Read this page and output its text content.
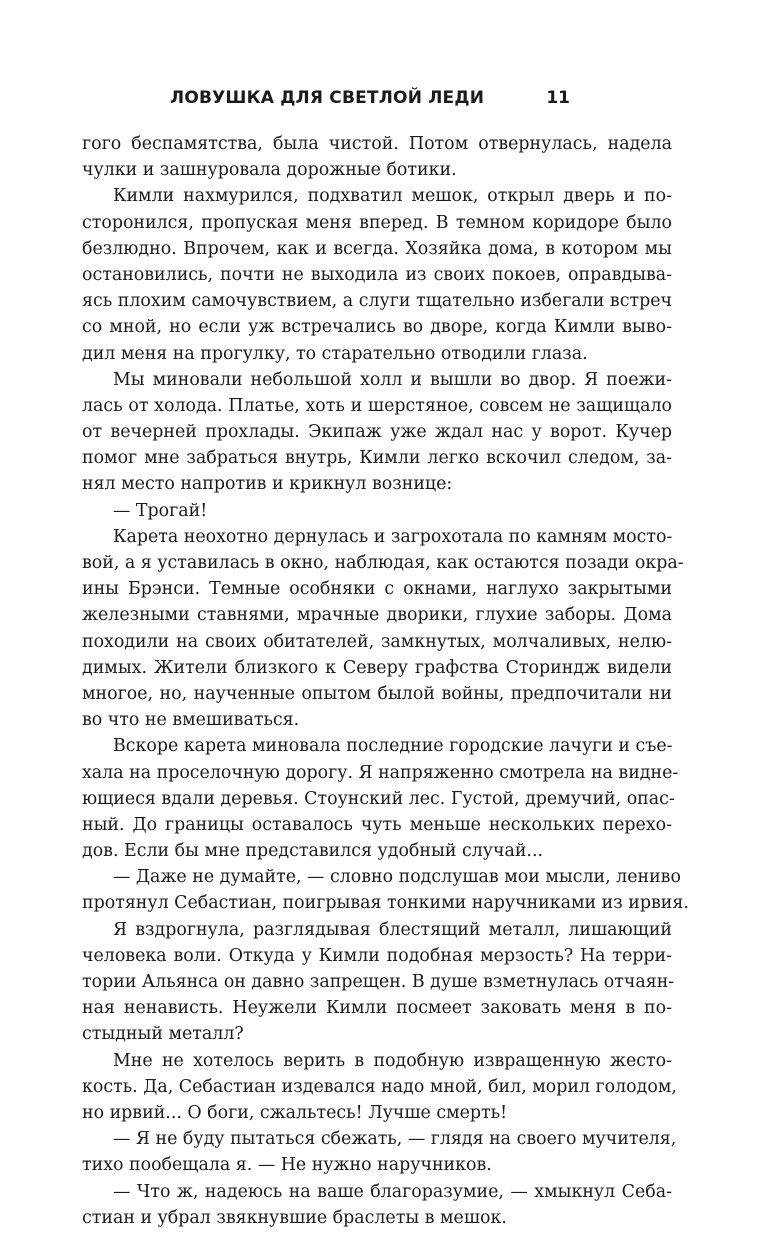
ЛОВУШКА ДЛЯ СВЕТЛОЙ ЛЕДИ	11
гого беспамятства, была чистой. Потом отвернулась, надела
чулки и зашнуровала дорожные ботики.
Кимли нахмурился, подхватил мешок, открыл дверь и по-
сторонился, пропуская меня вперед. В темном коридоре было
безлюдно. Впрочем, как и всегда. Хозяйка дома, в котором мы
остановились, почти не выходила из своих покоев, оправдыва-
ясь плохим самочувствием, а слуги тщательно избегали встреч
со мной, но если уж встречались во дворе, когда Кимли выво-
дил меня на прогулку, то старательно отводили глаза.
Мы миновали небольшой холл и вышли во двор. Я поежи-
лась от холода. Платье, хоть и шерстяное, совсем не защищало
от вечерней прохлады. Экипаж уже ждал нас у ворот. Кучер
помог мне забраться внутрь, Кимли легко вскочил следом, за-
нял место напротив и крикнул вознице:
— Трогай!
Карета неохотно дернулась и загрохотала по камням мосто-
вой, а я уставилась в окно, наблюдая, как остаются позади окра-
ины Брэнси. Темные особняки с окнами, наглухо закрытыми
железными ставнями, мрачные дворики, глухие заборы. Дома
походили на своих обитателей, замкнутых, молчаливых, нелю-
димых. Жители близкого к Северу графства Сториндж видели
многое, но, наученные опытом былой войны, предпочитали ни
во что не вмешиваться.
Вскоре карета миновала последние городские лачуги и съе-
хала на проселочную дорогу. Я напряженно смотрела на видне-
ющиеся вдали деревья. Стоунский лес. Густой, дремучий, опас-
ный. До границы оставалось чуть меньше нескольких перехо-
дов. Если бы мне представился удобный случай...
— Даже не думайте, — словно подслушав мои мысли, лениво
протянул Себастиан, поигрывая тонкими наручниками из ирвия.
Я вздрогнула, разглядывая блестящий металл, лишающий
человека воли. Откуда у Кимли подобная мерзость? На терри-
тории Альянса он давно запрещен. В душе взметнулась отчаян-
ная ненависть. Неужели Кимли посмеет заковать меня в по-
стыдный металл?
Мне не хотелось верить в подобную извращенную жесто-
кость. Да, Себастиан издевался надо мной, бил, морил голодом,
но ирвий... О боги, сжальтесь! Лучше смерть!
— Я не буду пытаться сбежать, — глядя на своего мучителя,
тихо пообещала я. — Не нужно наручников.
— Что ж, надеюсь на ваше благоразумие, — хмыкнул Себа-
стиан и убрал звякнувшие браслеты в мешок.
